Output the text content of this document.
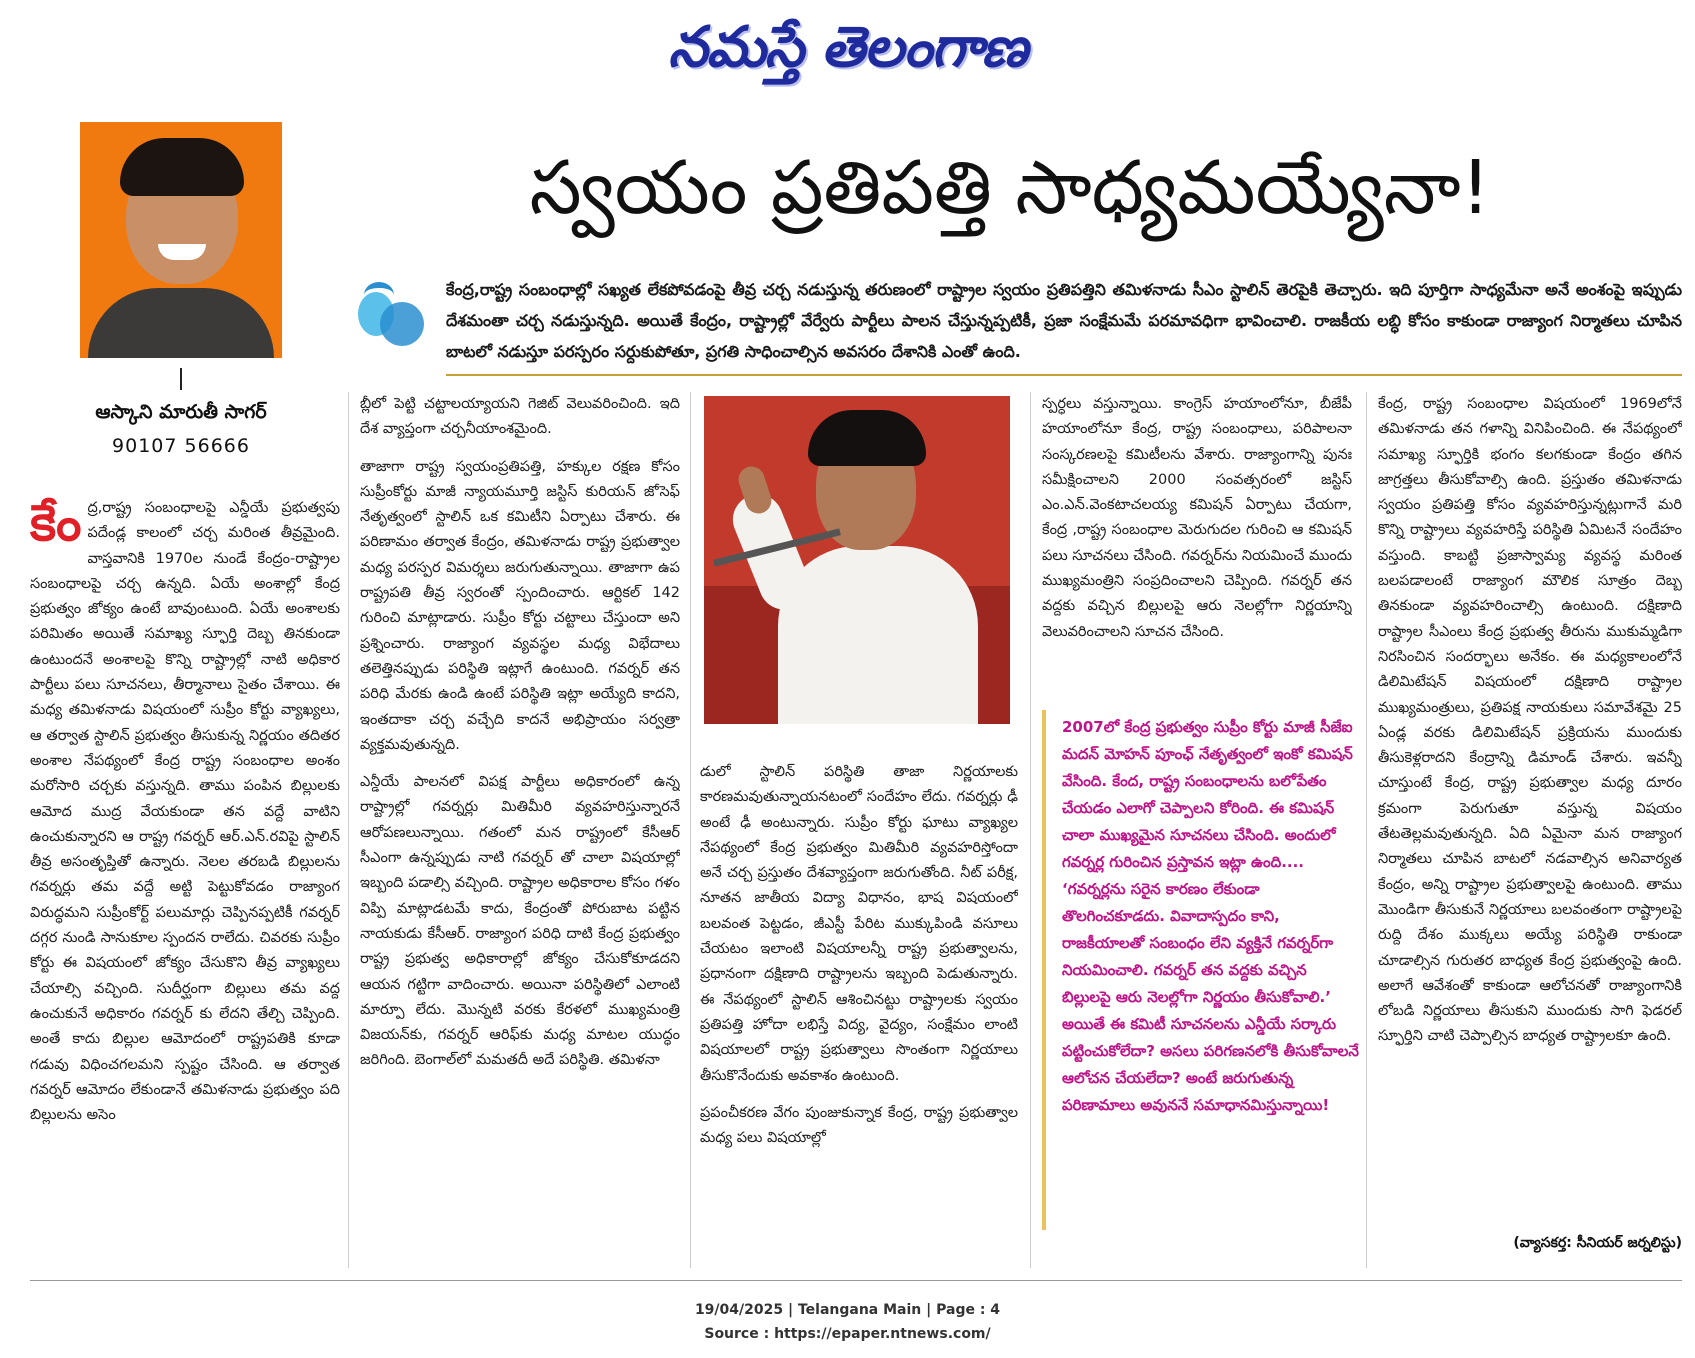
నమస్తే తెలంగాణ
ఆస్కాని మారుతీ సాగర్
90107 56666
స్వయం ప్రతిపత్తి సాధ్యమయ్యేనా!
కేంద్ర,రాష్ట్ర సంబంధాల్లో సఖ్యత లేకపోవడంపై తీవ్ర చర్చ నడుస్తున్న తరుణంలో రాష్ట్రాల స్వయం ప్రతిపత్తిని తమిళనాడు సీఎం స్టాలిన్ తెరపైకి తెచ్చారు. ఇది పూర్తిగా సాధ్యమేనా అనే అంశంపై ఇప్పుడు దేశమంతా చర్చ నడుస్తున్నది. అయితే కేంద్రం, రాష్ట్రాల్లో వేర్వేరు పార్టీలు పాలన చేస్తున్నప్పటికీ, ప్రజా సంక్షేమమే పరమావధిగా భావించాలి. రాజకీయ లబ్ధి కోసం కాకుండా రాజ్యాంగ నిర్మాతలు చూపిన బాటలో నడుస్తూ పరస్పరం సర్దుకుపోతూ, ప్రగతి సాధించాల్సిన అవసరం దేశానికి ఎంతో ఉంది.

కేంద్ర,రాష్ట్ర సంబంధాలపై ఎన్డీయే ప్రభుత్వపు పదేండ్ల కాలంలో చర్చ మరింత తీవ్రమైంది. వాస్తవానికి 1970ల నుండే కేంద్రం-రాష్ట్రాల సంబంధాలపై చర్చ ఉన్నది. ఏయే అంశాల్లో కేంద్ర ప్రభుత్వం జోక్యం ఉంటే బావుంటుంది. ఏయే అంశాలకు పరిమితం అయితే సమాఖ్య స్ఫూర్తి దెబ్బ తినకుండా ఉంటుందనే అంశాలపై కొన్ని రాష్ట్రాల్లో నాటి అధికార పార్టీలు పలు సూచనలు, తీర్మానాలు సైతం చేశాయి. ఈ మధ్య తమిళనాడు విషయంలో సుప్రీం కోర్టు వ్యాఖ్యలు, ఆ తర్వాత స్టాలిన్ ప్రభుత్వం తీసుకున్న నిర్ణయం తదితర అంశాల నేపథ్యంలో కేంద్ర రాష్ట్ర సంబంధాల అంశం మరోసారి చర్చకు వస్తున్నది. తాము పంపిన బిల్లులకు ఆమోద ముద్ర వేయకుండా తన వద్దే వాటిని ఉంచుకున్నారని ఆ రాష్ట్ర గవర్నర్ ఆర్.ఎన్.రవిపై స్టాలిన్ తీవ్ర అసంతృప్తితో ఉన్నారు. నెలల తరబడి బిల్లులను గవర్నర్లు తమ వద్దే అట్టి పెట్టుకోవడం రాజ్యాంగ విరుద్ధమని సుప్రీంకోర్ట్ పలుమార్లు చెప్పినప్పటికీ గవర్నర్ దగ్గర నుండి సానుకూల స్పందన రాలేదు. చివరకు సుప్రీం కోర్టు ఈ విషయంలో జోక్యం చేసుకొని తీవ్ర వ్యాఖ్యలు చేయాల్సి వచ్చింది. సుదీర్ఘంగా బిల్లులు తమ వద్ద ఉంచుకునే అధికారం గవర్నర్ కు లేదని తేల్చి చెప్పింది. అంతే కాదు బిల్లుల ఆమోదంలో రాష్ట్రపతికి కూడా గడువు విధించగలమని స్పష్టం చేసింది. ఆ తర్వాత గవర్నర్ ఆమోదం లేకుండానే తమిళనాడు ప్రభుత్వం పది బిల్లులను అసెం

బ్లీలో పెట్టి చట్టాలయ్యాయని గెజిట్ వెలువరించింది. ఇది దేశ వ్యాప్తంగా చర్చనీయాంశమైంది.

తాజాగా రాష్ట్ర స్వయంప్రతిపత్తి, హక్కుల రక్షణ కోసం సుప్రీంకోర్టు మాజీ న్యాయమూర్తి జస్టిస్ కురియన్ జోసెఫ్ నేతృత్వంలో స్టాలిన్ ఒక కమిటీని ఏర్పాటు చేశారు. ఈ పరిణామం తర్వాత కేంద్రం, తమిళనాడు రాష్ట్ర ప్రభుత్వాల మధ్య పరస్పర విమర్శలు జరుగుతున్నాయి. తాజాగా ఉప రాష్ట్రపతి తీవ్ర స్వరంతో స్పందించారు. ఆర్టికల్ 142 గురించి మాట్లాడారు. సుప్రీం కోర్టు చట్టాలు చేస్తుందా అని ప్రశ్నించారు. రాజ్యాంగ వ్యవస్థల మధ్య విభేదాలు తలెత్తినప్పుడు పరిస్థితి ఇట్లాగే ఉంటుంది. గవర్నర్ తన పరిధి మేరకు ఉండి ఉంటే పరిస్థితి ఇట్లా అయ్యేది కాదని, ఇంతదాకా చర్చ వచ్చేది కాదనే అభిప్రాయం సర్వత్రా వ్యక్తమవుతున్నది.

ఎన్డీయే పాలనలో విపక్ష పార్టీలు అధికారంలో ఉన్న రాష్ట్రాల్లో గవర్నర్లు మితిమీరి వ్యవహరిస్తున్నారనే ఆరోపణలున్నాయి. గతంలో మన రాష్ట్రంలో కేసీఆర్ సీఎంగా ఉన్నప్పుడు నాటి గవర్నర్ తో చాలా విషయాల్లో ఇబ్బంది పడాల్సి వచ్చింది. రాష్ట్రాల అధికారాల కోసం గళం విప్పి మాట్లాడటమే కాదు, కేంద్రంతో పోరుబాట పట్టిన నాయకుడు కేసీఆర్. రాజ్యాంగ పరిధి దాటి కేంద్ర ప్రభుత్వం రాష్ట్ర ప్రభుత్వ అధికారాల్లో జోక్యం చేసుకోకూడదని ఆయన గట్టిగా వాదించారు. అయినా పరిస్థితిలో ఎలాంటి మార్పూ లేదు. మొన్నటి వరకు కేరళలో ముఖ్యమంత్రి విజయన్‌కు, గవర్నర్ ఆరిఫ్‌కు మధ్య మాటల యుద్ధం జరిగింది. బెంగాల్‌లో మమతదీ అదే పరిస్థితి. తమిళనా

డులో స్టాలిన్ పరిస్థితి తాజా నిర్ణయాలకు కారణమవుతున్నాయనటంలో సందేహం లేదు. గవర్నర్లు ఢీ అంటే ఢీ అంటున్నారు. సుప్రీం కోర్టు ఘాటు వ్యాఖ్యల నేపథ్యంలో కేంద్ర ప్రభుత్వం మితిమీరి వ్యవహరిస్తోందా అనే చర్చ ప్రస్తుతం దేశవ్యాప్తంగా జరుగుతోంది. నీట్ పరీక్ష, నూతన జాతీయ విద్యా విధానం, భాష విషయంలో బలవంత పెట్టడం, జీఎస్టీ పేరిట ముక్కుపిండి వసూలు చేయటం ఇలాంటి విషయాలన్నీ రాష్ట్ర ప్రభుత్వాలను, ప్రధానంగా దక్షిణాది రాష్ట్రాలను ఇబ్బంది పెడుతున్నారు. ఈ నేపథ్యంలో స్టాలిన్ ఆశించినట్టు రాష్ట్రాలకు స్వయం ప్రతిపత్తి హోదా లభిస్తే విద్య, వైద్యం, సంక్షేమం లాంటి విషయాలలో రాష్ట్ర ప్రభుత్వాలు సొంతంగా నిర్ణయాలు తీసుకొనేందుకు అవకాశం ఉంటుంది.

ప్రపంచీకరణ వేగం పుంజుకున్నాక కేంద్ర, రాష్ట్ర ప్రభుత్వాల మధ్య పలు విషయాల్లో

స్పర్ధలు వస్తున్నాయి. కాంగ్రెస్ హయాంలోనూ, బీజేపీ హయాంలోనూ కేంద్ర, రాష్ట్ర సంబంధాలు, పరిపాలనా సంస్కరణలపై కమిటీలను వేశారు. రాజ్యాంగాన్ని పునః సమీక్షించాలని 2000 సంవత్సరంలో జస్టిస్ ఎం.ఎన్.వెంకటాచలయ్య కమిషన్ ఏర్పాటు చేయగా, కేంద్ర ,రాష్ట్ర సంబంధాల మెరుగుదల గురించి ఆ కమిషన్ పలు సూచనలు చేసింది. గవర్నర్‌ను నియమించే ముందు ముఖ్యమంత్రిని సంప్రదించాలని చెప్పింది. గవర్నర్ తన వద్దకు వచ్చిన బిల్లులపై ఆరు నెలల్లోగా నిర్ణయాన్ని వెలువరించాలని సూచన చేసింది.

2007లో కేంద్ర ప్రభుత్వం సుప్రీం కోర్టు మాజీ సీజేఐ మదన్ మోహన్ పూంఛ్ నేతృత్వంలో ఇంకో కమిషన్ వేసింది. కేంద, రాష్ట్ర సంబంధాలను బలోపేతం చేయడం ఎలాగో చెప్పాలని కోరింది. ఈ కమిషన్ చాలా ముఖ్యమైన సూచనలు చేసింది. అందులో గవర్నర్ల గురించిన ప్రస్తావన ఇట్లా ఉంది.... ‘గవర్నర్లను సరైన కారణం లేకుండా తొలగించకూడదు. వివాదాస్పదం కాని, రాజకీయాలతో సంబంధం లేని వ్యక్తినే గవర్నర్‌గా నియమించాలి. గవర్నర్ తన వద్దకు వచ్చిన బిల్లులపై ఆరు నెలల్లోగా నిర్ణయం తీసుకోవాలి.’ అయితే ఈ కమిటీ సూచనలను ఎన్డీయే సర్కారు పట్టించుకోలేదా? అసలు పరిగణనలోకి తీసుకోవాలనే ఆలోచన చేయలేదా? అంటే జరుగుతున్న పరిణామాలు అవుననే సమాధానమిస్తున్నాయి!

కేంద్ర, రాష్ట్ర సంబంధాల విషయంలో 1969లోనే తమిళనాడు తన గళాన్ని వినిపించింది. ఈ నేపథ్యంలో సమాఖ్య స్ఫూర్తికి భంగం కలగకుండా కేంద్రం తగిన జాగ్రత్తలు తీసుకోవాల్సి ఉంది. ప్రస్తుతం తమిళనాడు స్వయం ప్రతిపత్తి కోసం వ్యవహరిస్తున్నట్లుగానే మరి కొన్ని రాష్ట్రాలు వ్యవహరిస్తే పరిస్థితి ఏమిటనే సందేహం వస్తుంది. కాబట్టి ప్రజాస్వామ్య వ్యవస్థ మరింత బలపడాలంటే రాజ్యాంగ మౌలిక సూత్రం దెబ్బ తినకుండా వ్యవహరించాల్సి ఉంటుంది. దక్షిణాది రాష్ట్రాల సీఎంలు కేంద్ర ప్రభుత్వ తీరును ముకుమ్మడిగా నిరసించిన సందర్భాలు అనేకం. ఈ మధ్యకాలంలోనే డిలిమిటేషన్ విషయంలో దక్షిణాది రాష్ట్రాల ముఖ్యమంత్రులు, ప్రతిపక్ష నాయకులు సమావేశమై 25 ఏండ్ల వరకు డిలిమిటేషన్ ప్రక్రియను ముందుకు తీసుకెళ్లరాదని కేంద్రాన్ని డిమాండ్ చేశారు. ఇవన్నీ చూస్తుంటే కేంద్ర, రాష్ట్ర ప్రభుత్వాల మధ్య దూరం క్రమంగా పెరుగుతూ వస్తున్న విషయం తేటతెల్లమవుతున్నది. ఏది ఏమైనా మన రాజ్యాంగ నిర్మాతలు చూపిన బాటలో నడవాల్సిన అనివార్యత కేంద్రం, అన్ని రాష్ట్రాల ప్రభుత్వాలపై ఉంటుంది. తాము మొండిగా తీసుకునే నిర్ణయాలు బలవంతంగా రాష్ట్రాలపై రుద్ది దేశం ముక్కలు అయ్యే పరిస్థితి రాకుండా చూడాల్సిన గురుతర బాధ్యత కేంద్ర ప్రభుత్వంపై ఉంది. అలాగే ఆవేశంతో కాకుండా ఆలోచనతో రాజ్యాంగానికి లోబడి నిర్ణయాలు తీసుకుని ముందుకు సాగి ఫెడరల్ స్ఫూర్తిని చాటి చెప్పాల్సిన బాధ్యత రాష్ట్రాలకూ ఉంది.

(వ్యాసకర్త: సీనియర్ జర్నలిస్టు)
19/04/2025 | Telangana Main | Page : 4
Source : https://epaper.ntnews.com/
